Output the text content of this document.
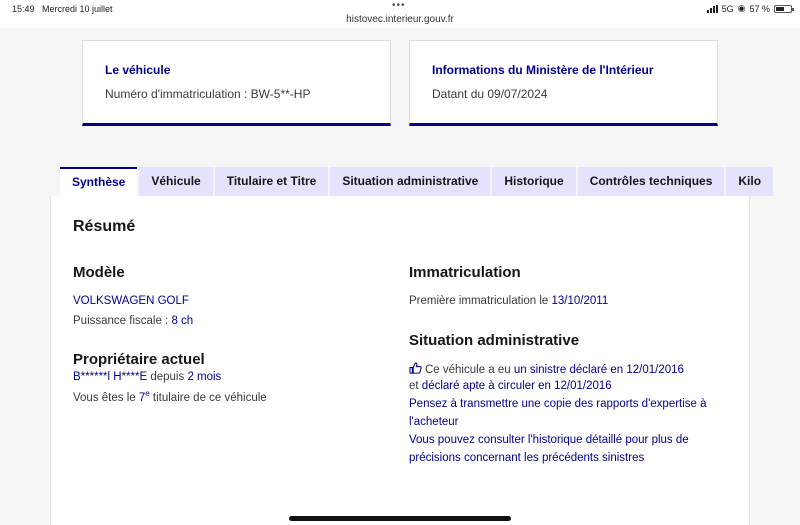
15:49 Mercredi 10 juillet	•••
histovec.interieur.gouv.fr
5G ◉ 57 %
Le véhicule
Numéro d'immatriculation : BW-5**-HP
Informations du Ministère de l'Intérieur
Datant du 09/07/2024
Synthèse Véhicule Titulaire et Titre Situation administrative Historique Contrôles techniques Kilo
Résumé
Modèle
VOLKSWAGEN GOLF
Puissance fiscale : 8 ch
Propriétaire actuel
B******l H****E depuis 2 mois
Vous êtes le 7e titulaire de ce véhicule
Immatriculation
Première immatriculation le 13/10/2011
Situation administrative
Ce véhicule a eu un sinistre déclaré en 12/01/2016
et déclaré apte à circuler en 12/01/2016
Pensez à transmettre une copie des rapports d'expertise à
l'acheteur
Vous pouvez consulter l'historique détaillé pour plus de
précisions concernant les précédents sinistres
